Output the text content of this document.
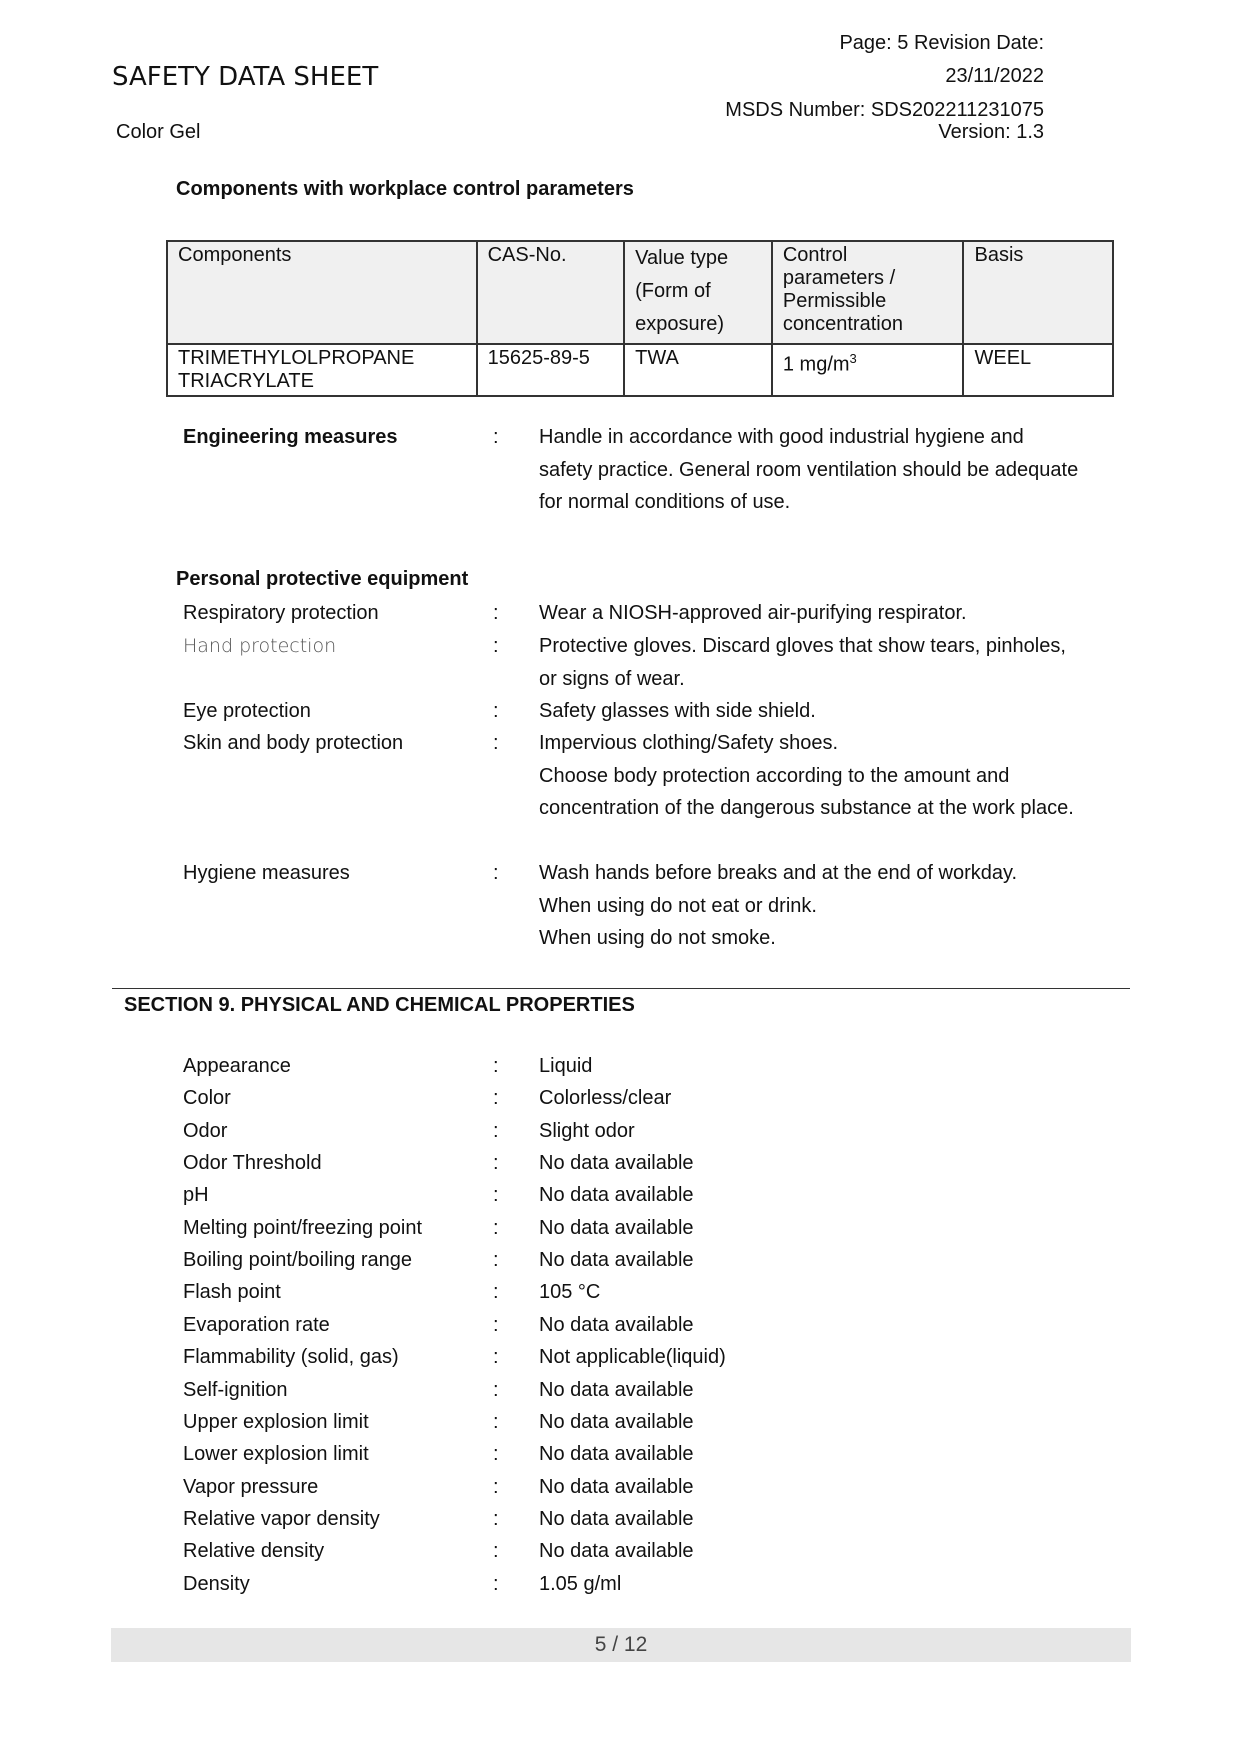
SAFETY DATA SHEET
Color Gel
Page: 5 Revision Date:
23/11/2022
MSDS Number: SDS202211231075
Version: 1.3
Components with workplace control parameters
Components	CAS-No.	Value type (Form of exposure)	Control parameters / Permissible concentration	Basis
TRIMETHYLOLPROPANE TRIACRYLATE	15625-89-5	TWA	1 $mg/m^3$	WEEL
Engineering measures	: Handle in accordance with good industrial hygiene and safety practice. General room ventilation should be adequate for normal conditions of use.
Personal protective equipment
Respiratory protection	: Wear a NIOSH-approved air-purifying respirator.
Hand protection	: Protective gloves. Discard gloves that show tears, pinholes, or signs of wear.
Eye protection	: Safety glasses with side shield.
Skin and body protection	: Impervious clothing/Safety shoes.
Choose body protection according to the amount and concentration of the dangerous substance at the work place.
Hygiene measures	: Wash hands before breaks and at the end of workday.
When using do not eat or drink.
When using do not smoke.
SECTION 9. PHYSICAL AND CHEMICAL PROPERTIES
Appearance	: Liquid
Color	: Colorless/clear
Odor	: Slight odor
Odor Threshold	: No data available
pH	: No data available
Melting point/freezing point	: No data available
Boiling point/boiling range	: No data available
Flash point	: 105 °C
Evaporation rate	: No data available
Flammability (solid, gas)	: Not applicable(liquid)
Self-ignition	: No data available
Upper explosion limit	: No data available
Lower explosion limit	: No data available
Vapor pressure	: No data available
Relative vapor density	: No data available
Relative density	: No data available
Density	: 1.05 g/ml
5 / 12
